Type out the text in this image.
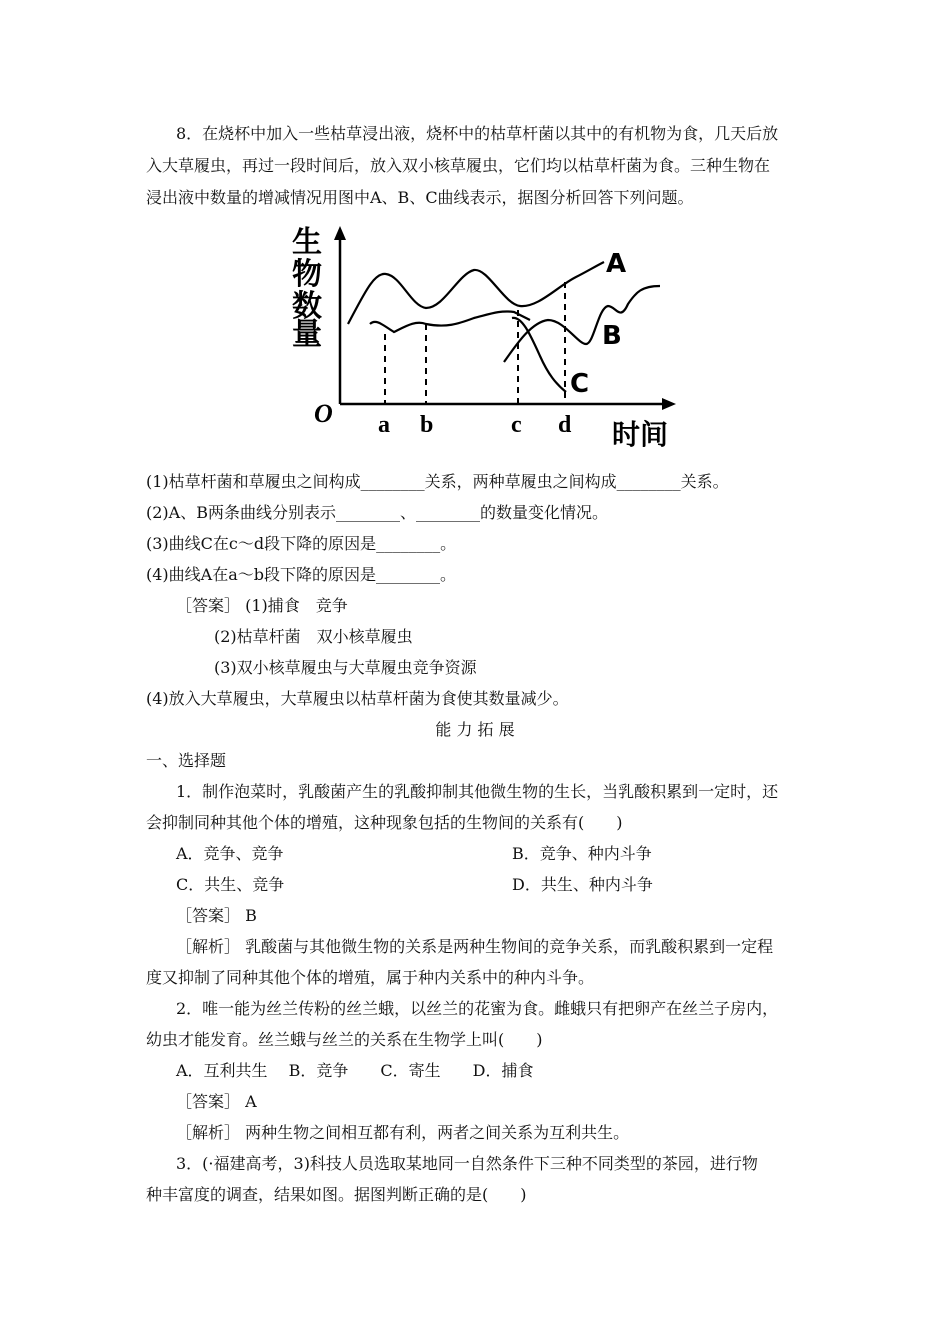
8．在烧杯中加入一些枯草浸出液，烧杯中的枯草杆菌以其中的有机物为食，几天后放
入大草履虫，再过一段时间后，放入双小核草履虫，它们均以枯草杆菌为食。三种生物在
浸出液中数量的增减情况用图中A、B、C曲线表示，据图分析回答下列问题。
生
物
数
量
O a b	c d 时间
A
B
C
(1)枯草杆菌和草履虫之间构成________关系，两种草履虫之间构成________关系。
(2)A、B两条曲线分别表示________、________的数量变化情况。
(3)曲线C在c～d段下降的原因是________。
(4)曲线A在a～b段下降的原因是________。
［答案］ (1)捕食　竞争
(2)枯草杆菌　双小核草履虫
(3)双小核草履虫与大草履虫竞争资源
(4)放入大草履虫，大草履虫以枯草杆菌为食使其数量减少。
能 力 拓 展
一、选择题
1．制作泡菜时，乳酸菌产生的乳酸抑制其他微生物的生长，当乳酸积累到一定时，还
会抑制同种其他个体的增殖，这种现象包括的生物间的关系有(　　)
A．竞争、竞争	B．竞争、种内斗争
C．共生、竞争	D．共生、种内斗争
［答案］ B
［解析］ 乳酸菌与其他微生物的关系是两种生物间的竞争关系，而乳酸积累到一定程
度又抑制了同种其他个体的增殖，属于种内关系中的种内斗争。
2．唯一能为丝兰传粉的丝兰蛾，以丝兰的花蜜为食。雌蛾只有把卵产在丝兰子房内，
幼虫才能发育。丝兰蛾与丝兰的关系在生物学上叫(　　)
A．互利共生　 B．竞争　　C．寄生　　D．捕食
［答案］ A
［解析］ 两种生物之间相互都有利，两者之间关系为互利共生。
3．(·福建高考，3)科技人员选取某地同一自然条件下三种不同类型的茶园，进行物
种丰富度的调查，结果如图。据图判断正确的是(　　)
